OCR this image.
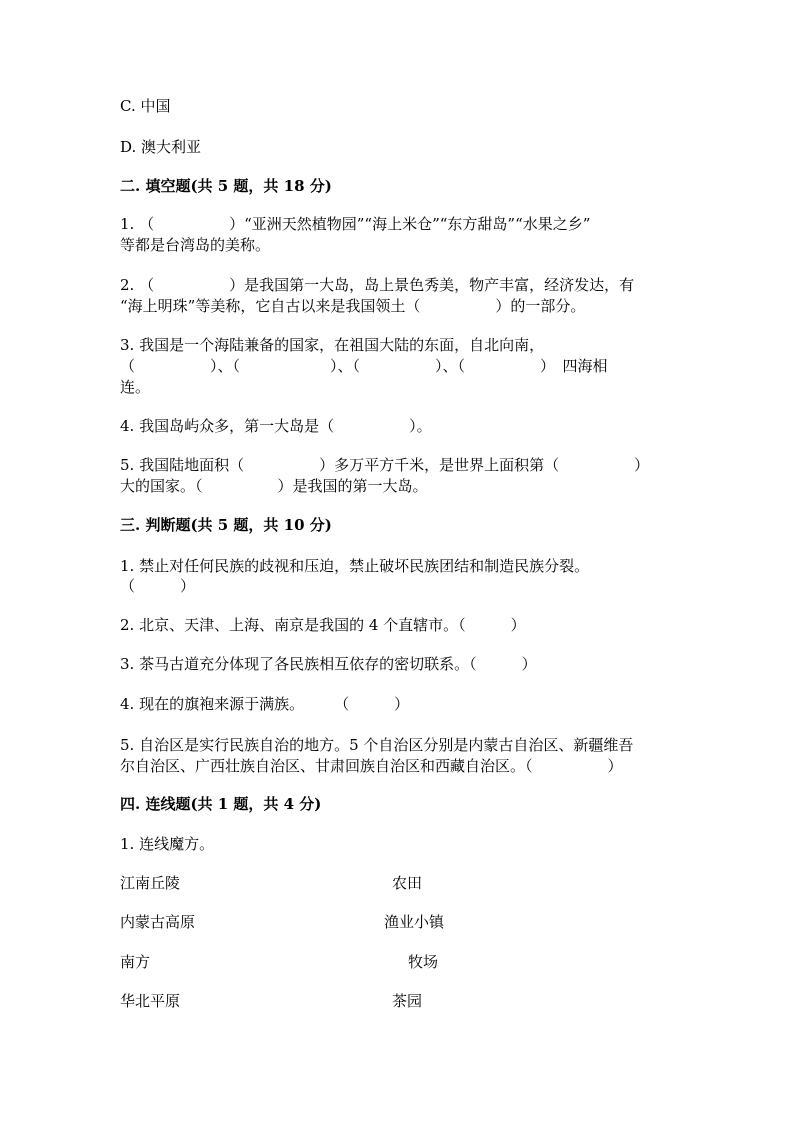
C. 中国
D. 澳大利亚
二. 填空题(共 5 题，共 18 分)
1. （　　　　　）“亚洲天然植物园”“海上米仓”“东方甜岛”“水果之乡”
等都是台湾岛的美称。
2. （　　　　　）是我国第一大岛，岛上景色秀美，物产丰富，经济发达，有
“海上明珠”等美称，它自古以来是我国领土（　　　　　）的一部分。
3. 我国是一个海陆兼备的国家，在祖国大陆的东面，自北向南，
（　　　　　）、（　　　　　　）、（　　　　　）、（　　　　　）　四海相
连。
4. 我国岛屿众多，第一大岛是（　　　　　）。
5. 我国陆地面积（　　　　　）多万平方千米，是世界上面积第（　　　　　）
大的国家。（　　　　　）是我国的第一大岛。
三. 判断题(共 5 题，共 10 分)
1. 禁止对任何民族的歧视和压迫，禁止破坏民族团结和制造民族分裂。
（　　　）
2. 北京、天津、上海、南京是我国的 4 个直辖市。（　　　）
3. 茶马古道充分体现了各民族相互依存的密切联系。（　　　）
4. 现在的旗袍来源于满族。　　　（　　　）
5. 自治区是实行民族自治的地方。5 个自治区分别是内蒙古自治区、新疆维吾
尔自治区、广西壮族自治区、甘肃回族自治区和西藏自治区。（　　　　　）
四. 连线题(共 1 题，共 4 分)
1. 连线魔方。
江南丘陵	农田
内蒙古高原	渔业小镇
南方	牧场
华北平原	茶园
